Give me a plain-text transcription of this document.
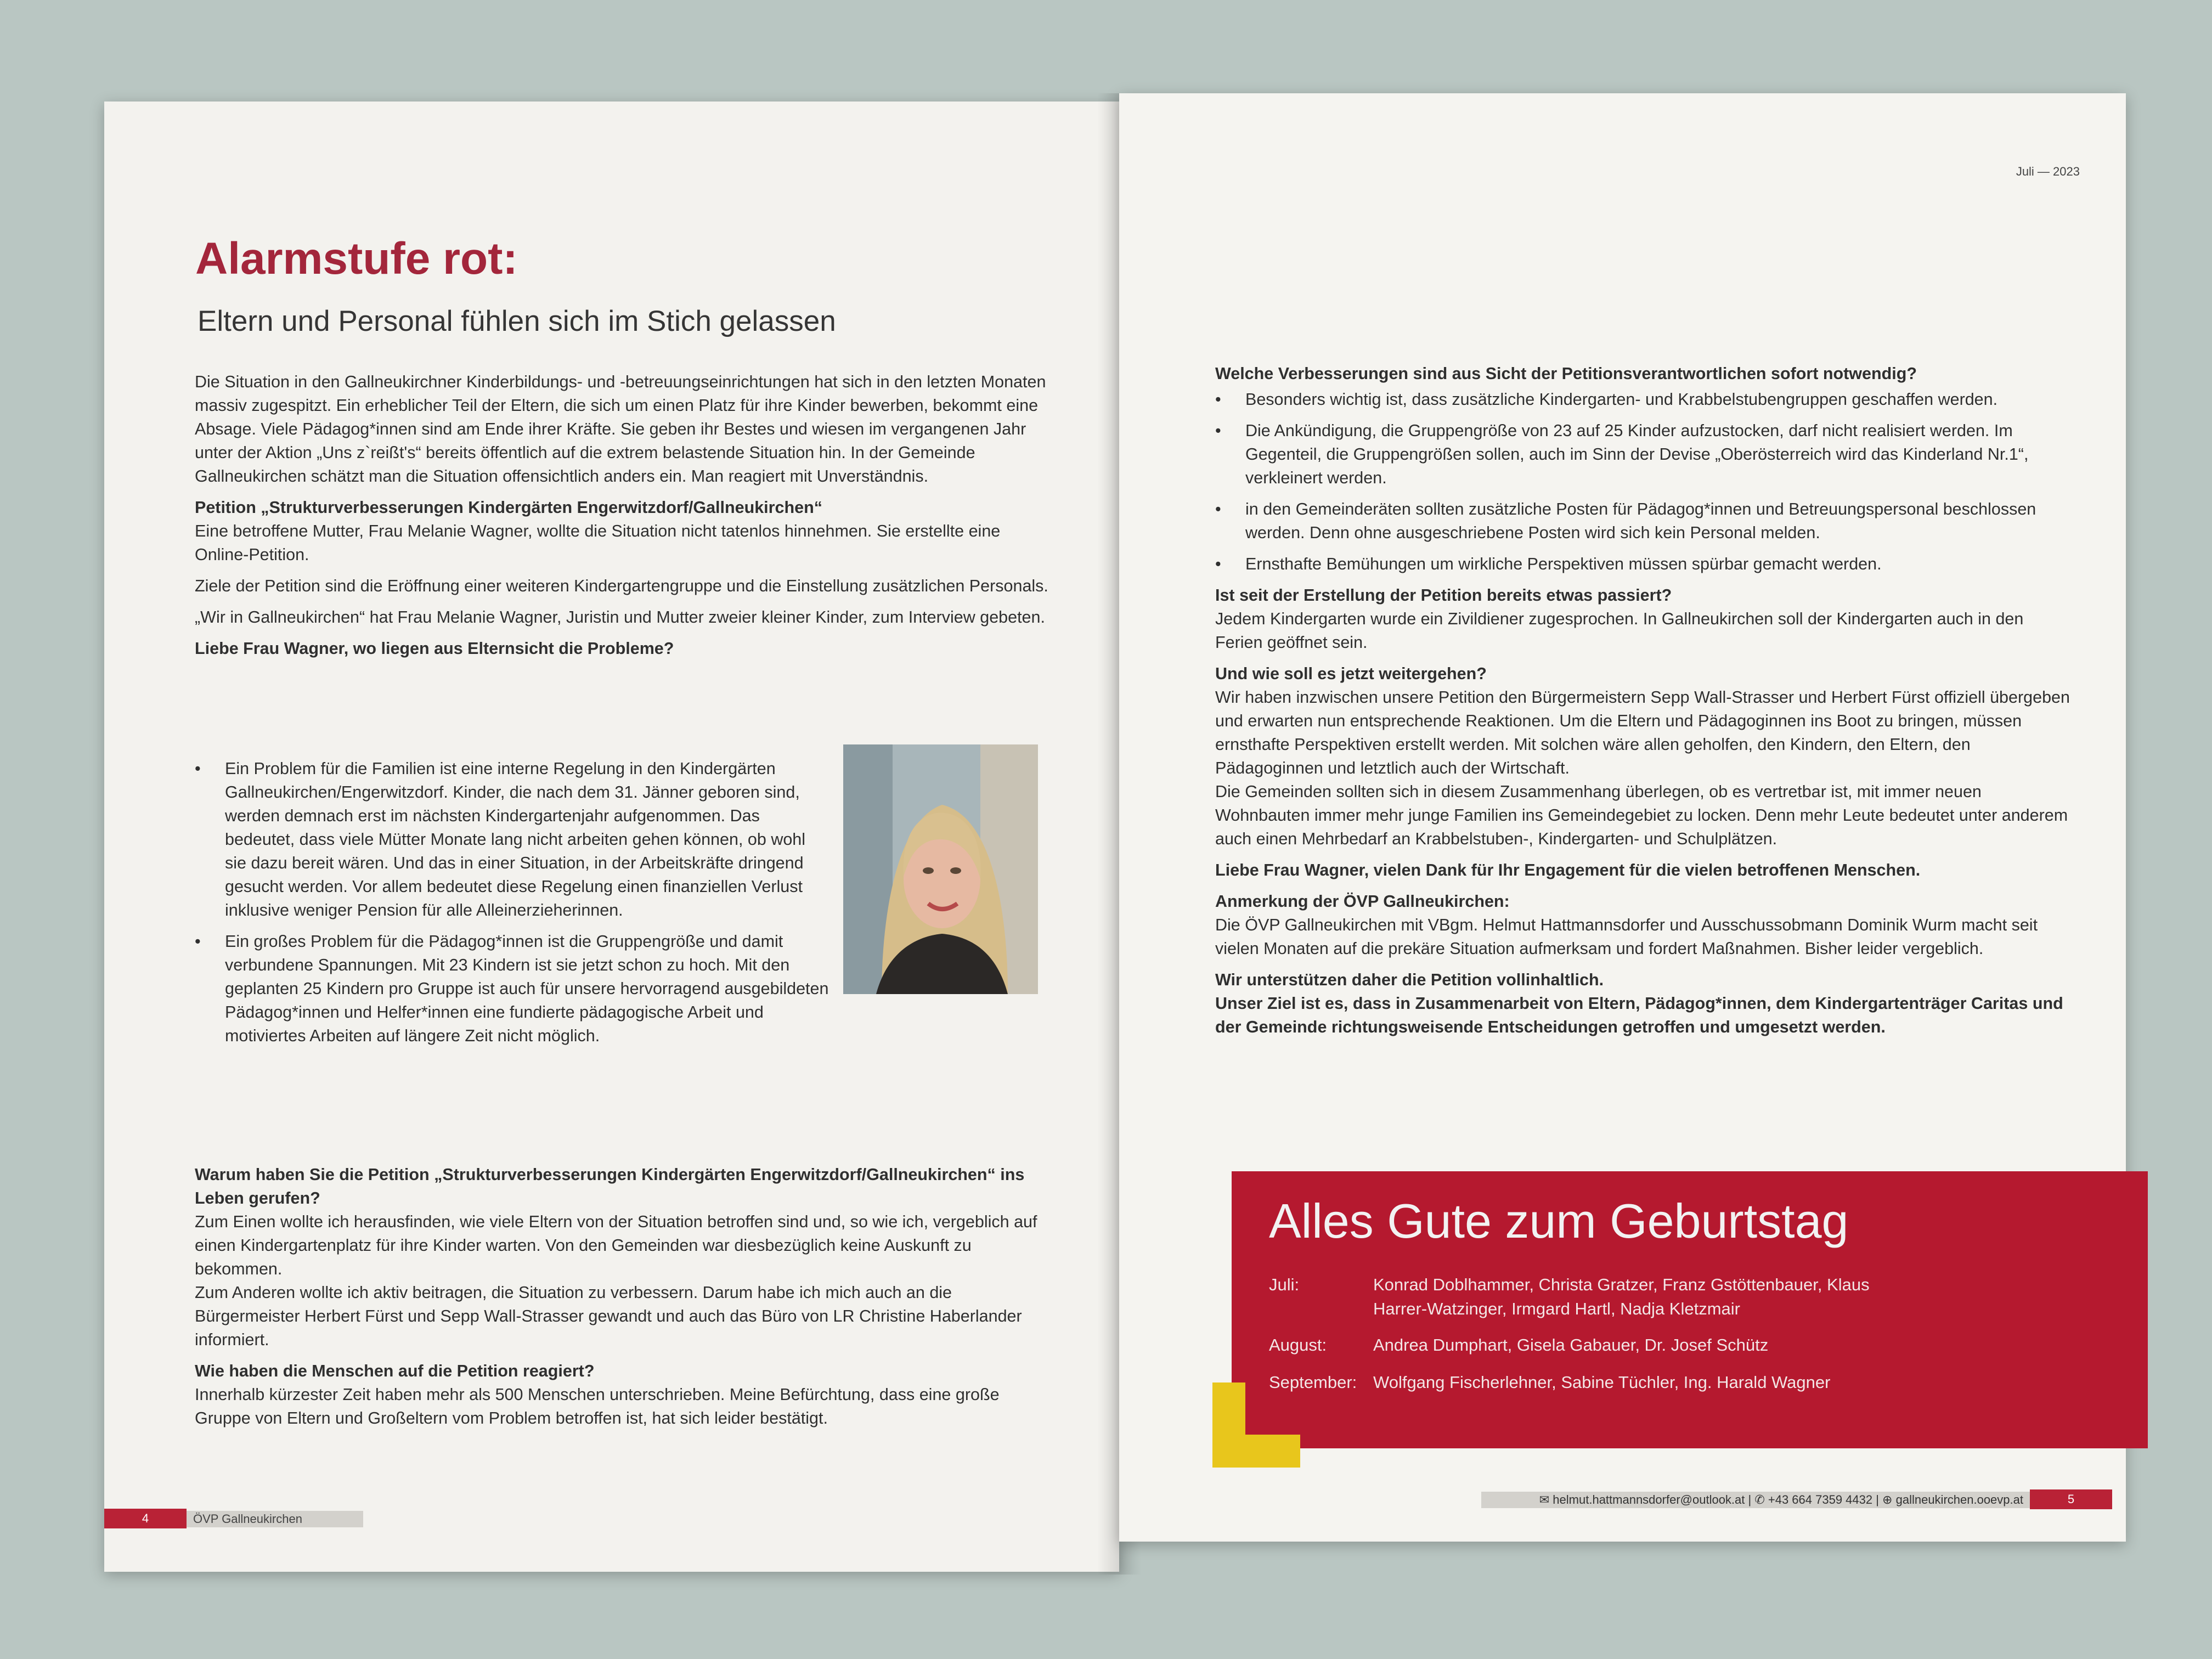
Alarmstufe rot:
Eltern und Personal fühlen sich im Stich gelassen

Die Situation in den Gallneukirchner Kinderbildungs- und -betreuungseinrichtungen hat sich in den letzten Monaten massiv zugespitzt. Ein erheblicher Teil der Eltern, die sich um einen Platz für ihre Kinder bewerben, bekommt eine Absage. Viele Pädagog*innen sind am Ende ihrer Kräfte. Sie geben ihr Bestes und wiesen im vergangenen Jahr unter der Aktion „Uns z`reißt's“ bereits öffentlich auf die extrem belastende Situation hin. In der Gemeinde Gallneukirchen schätzt man die Situation offensichtlich anders ein. Man reagiert mit Unverständnis.

Petition „Strukturverbesserungen Kindergärten Engerwitzdorf/Gallneukirchen“

Eine betroffene Mutter, Frau Melanie Wagner, wollte die Situation nicht tatenlos hinnehmen. Sie erstellte eine Online-Petition.

Ziele der Petition sind die Eröffnung einer weiteren Kindergartengruppe und die Einstellung zusätzlichen Personals.

„Wir in Gallneukirchen“ hat Frau Melanie Wagner, Juristin und Mutter zweier kleiner Kinder, zum Interview gebeten.

Liebe Frau Wagner, wo liegen aus Elternsicht die Probleme?

• Ein Problem für die Familien ist eine interne Regelung in den Kindergärten Gallneukirchen/Engerwitzdorf. Kinder, die nach dem 31. Jänner geboren sind, werden demnach erst im nächsten Kindergartenjahr aufgenommen. Das bedeutet, dass viele Mütter Monate lang nicht arbeiten gehen können, ob wohl sie dazu bereit wären. Und das in einer Situation, in der Arbeitskräfte dringend gesucht werden. Vor allem bedeutet diese Regelung einen finanziellen Verlust inklusive weniger Pension für alle Alleinerzieherinnen.
• Ein großes Problem für die Pädagog*innen ist die Gruppengröße und damit verbundene Spannungen. Mit 23 Kindern ist sie jetzt schon zu hoch. Mit den geplanten 25 Kindern pro Gruppe ist auch für unsere hervorragend ausgebildeten Pädagog*innen und Helfer*innen eine fundierte pädagogische Arbeit und motiviertes Arbeiten auf längere Zeit nicht möglich.

Warum haben Sie die Petition „Strukturverbesserungen Kindergärten Engerwitzdorf/Gallneukirchen“ ins Leben gerufen?

Zum Einen wollte ich herausfinden, wie viele Eltern von der Situation betroffen sind und, so wie ich, vergeblich auf einen Kindergartenplatz für ihre Kinder warten. Von den Gemeinden war diesbezüglich keine Auskunft zu bekommen.

Zum Anderen wollte ich aktiv beitragen, die Situation zu verbessern. Darum habe ich mich auch an die Bürgermeister Herbert Fürst und Sepp Wall-Strasser gewandt und auch das Büro von LR Christine Haberlander informiert.

Wie haben die Menschen auf die Petition reagiert?

Innerhalb kürzester Zeit haben mehr als 500 Menschen unterschrieben. Meine Befürchtung, dass eine große Gruppe von Eltern und Großeltern vom Problem betroffen ist, hat sich leider bestätigt.

4	ÖVP Gallneukirchen
Juli — 2023

Welche Verbesserungen sind aus Sicht der Petitionsverantwortlichen sofort notwendig?

• Besonders wichtig ist, dass zusätzliche Kindergarten- und Krabbelstubengruppen geschaffen werden.
• Die Ankündigung, die Gruppengröße von 23 auf 25 Kinder aufzustocken, darf nicht realisiert werden. Im Gegenteil, die Gruppengrößen sollen, auch im Sinn der Devise „Oberösterreich wird das Kinderland Nr.1“, verkleinert werden.
• in den Gemeinderäten sollten zusätzliche Posten für Pädagog*innen und Betreuungspersonal beschlossen werden. Denn ohne ausgeschriebene Posten wird sich kein Personal melden.
• Ernsthafte Bemühungen um wirkliche Perspektiven müssen spürbar gemacht werden.

Ist seit der Erstellung der Petition bereits etwas passiert?

Jedem Kindergarten wurde ein Zivildiener zugesprochen. In Gallneukirchen soll der Kindergarten auch in den Ferien geöffnet sein.

Und wie soll es jetzt weitergehen?

Wir haben inzwischen unsere Petition den Bürgermeistern Sepp Wall-Strasser und Herbert Fürst offiziell übergeben und erwarten nun entsprechende Reaktionen. Um die Eltern und Pädagoginnen ins Boot zu bringen, müssen ernsthafte Perspektiven erstellt werden. Mit solchen wäre allen geholfen, den Kindern, den Eltern, den Pädagoginnen und letztlich auch der Wirtschaft.

Die Gemeinden sollten sich in diesem Zusammenhang überlegen, ob es vertretbar ist, mit immer neuen Wohnbauten immer mehr junge Familien ins Gemeindegebiet zu locken. Denn mehr Leute bedeutet unter anderem auch einen Mehrbedarf an Krabbelstuben-, Kindergarten- und Schulplätzen.

Liebe Frau Wagner, vielen Dank für Ihr Engagement für die vielen betroffenen Menschen.

Anmerkung der ÖVP Gallneukirchen:

Die ÖVP Gallneukirchen mit VBgm. Helmut Hattmannsdorfer und Ausschussobmann Dominik Wurm macht seit vielen Monaten auf die prekäre Situation aufmerksam und fordert Maßnahmen. Bisher leider vergeblich.

Wir unterstützen daher die Petition vollinhaltlich.

Unser Ziel ist es, dass in Zusammenarbeit von Eltern, Pädagog*innen, dem Kindergartenträger Caritas und der Gemeinde richtungsweisende Entscheidungen getroffen und umgesetzt werden.

Alles Gute zum Geburtstag
Juli:	Konrad Doblhammer, Christa Gratzer, Franz Gstöttenbauer, Klaus Harrer-Watzinger, Irmgard Hartl, Nadja Kletzmair
August:	Andrea Dumphart, Gisela Gabauer, Dr. Josef Schütz
September: Wolfgang Fischerlehner, Sabine Tüchler, Ing. Harald Wagner
✉ helmut.hattmannsdorfer@outlook.at | ✆ +43 664 7359 4432 | ⊕ gallneukirchen.ooevp.at	5
